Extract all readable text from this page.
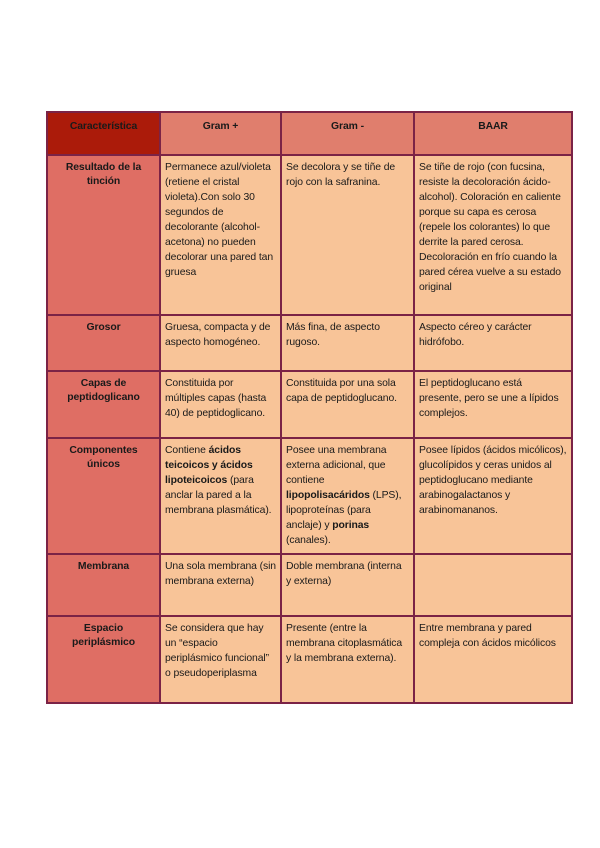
Característica	Gram +	Gram -	BAAR
Resultado de la tinción	Permanece azul/violeta (retiene el cristal violeta).Con solo 30 segundos de decolorante (alcohol-acetona) no pueden decolorar una pared tan gruesa	Se decolora y se tiñe de rojo con la safranina.	Se tiñe de rojo (con fucsina, resiste la decoloración ácido-alcohol). Coloración en caliente porque su capa es cerosa (repele los colorantes) lo que derrite la pared cerosa. Decoloración en frío cuando la pared cérea vuelve a su estado original
Grosor	Gruesa, compacta y de aspecto homogéneo.	Más fina, de aspecto rugoso.	Aspecto céreo y carácter hidrófobo.
Capas de peptidoglicano	Constituida por múltiples capas (hasta 40) de peptidoglicano.	Constituida por una sola capa de peptidoglucano.	El peptidoglucano está presente, pero se une a lípidos complejos.
Componentes únicos	Contiene ácidos teicoicos y ácidos lipoteicoicos (para anclar la pared a la membrana plasmática).	Posee una membrana externa adicional, que contiene lipopolisacáridos (LPS), lipoproteínas (para anclaje) y porinas (canales).	Posee lípidos (ácidos micólicos), glucolípidos y ceras unidos al peptidoglucano mediante arabinogalactanos y arabinomananos.
Membrana	Una sola membrana (sin membrana externa)	Doble membrana (interna y externa)	
Espacio periplásmico	Se considera que hay un “espacio periplásmico funcional” o pseudoperiplasma	Presente (entre la membrana citoplasmática y la membrana externa).	Entre membrana y pared compleja con ácidos micólicos
